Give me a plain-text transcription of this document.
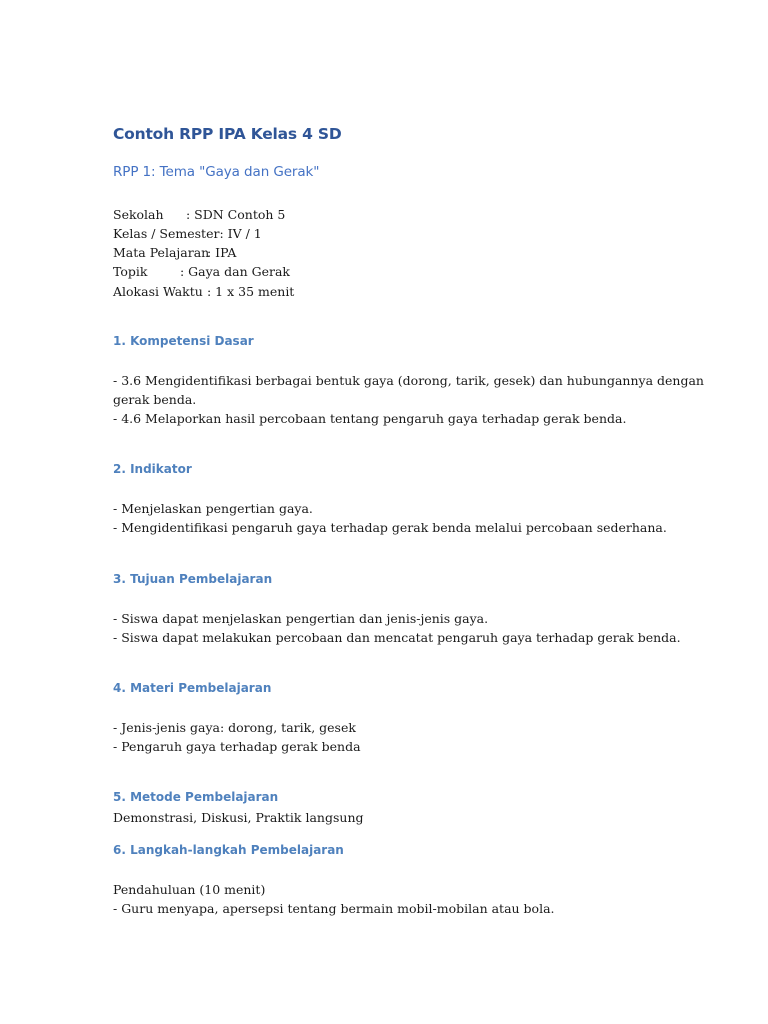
Contoh RPP IPA Kelas 4 SD
RPP 1: Tema "Gaya dan Gerak"
Sekolah : SDN Contoh 5
Kelas / Semester: IV / 1
Mata Pelajaran: IPA
Topik	: Gaya dan Gerak
Alokasi Waktu : 1 x 35 menit
1. Kompetensi Dasar
- 3.6 Mengidentifikasi berbagai bentuk gaya (dorong, tarik, gesek) dan hubungannya dengan
gerak benda.
- 4.6 Melaporkan hasil percobaan tentang pengaruh gaya terhadap gerak benda.
2. Indikator
- Menjelaskan pengertian gaya.
- Mengidentifikasi pengaruh gaya terhadap gerak benda melalui percobaan sederhana.
3. Tujuan Pembelajaran
- Siswa dapat menjelaskan pengertian dan jenis-jenis gaya.
- Siswa dapat melakukan percobaan dan mencatat pengaruh gaya terhadap gerak benda.
4. Materi Pembelajaran
- Jenis-jenis gaya: dorong, tarik, gesek
- Pengaruh gaya terhadap gerak benda
5. Metode Pembelajaran
Demonstrasi, Diskusi, Praktik langsung
6. Langkah-langkah Pembelajaran
Pendahuluan (10 menit)
- Guru menyapa, apersepsi tentang bermain mobil-mobilan atau bola.
